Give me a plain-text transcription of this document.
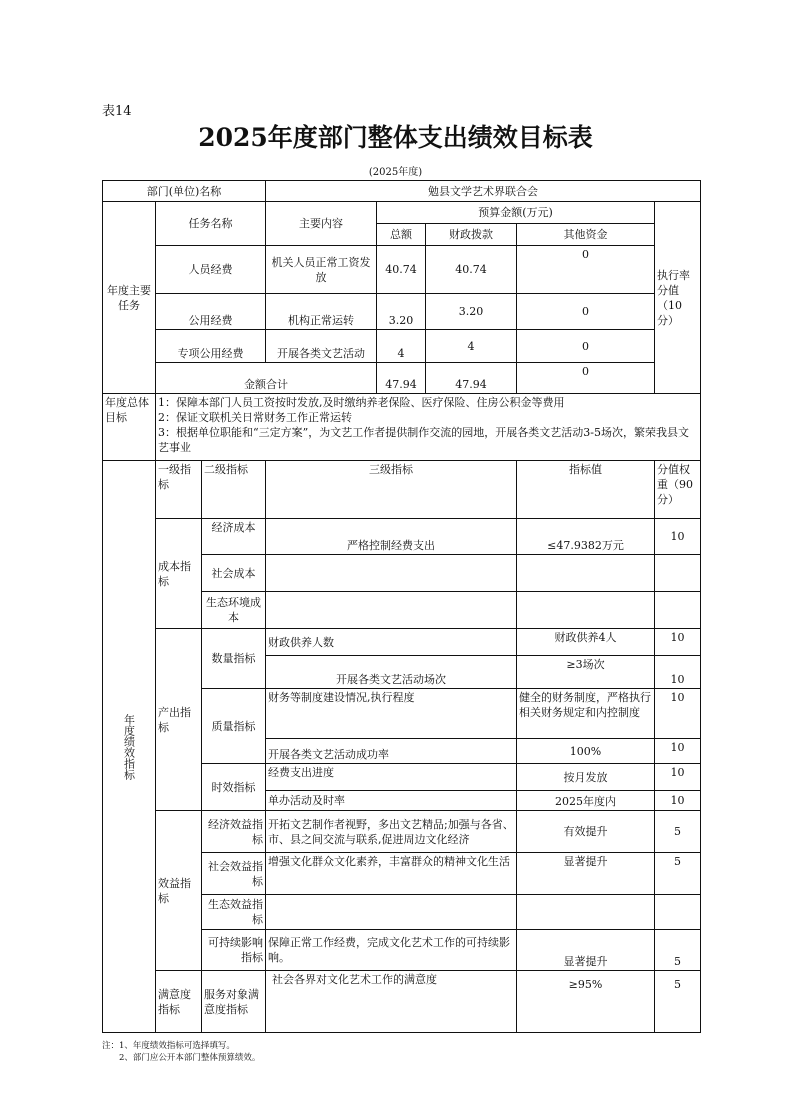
表14
2025年度部门整体支出绩效目标表
(2025年度)
部门(单位)名称		勉县文学艺术界联合会				
年度主要任务	任务名称	主要内容	预算金额(万元)			执行率分值（10分）
			总额	财政拨款	其他资金	
	人员经费	机关人员正常工资发放	40.74	40.74	0	
	公用经费	机构正常运转	3.20	3.20	0	
	专项公用经费	开展各类文艺活动	4	4	0	
	金额合计		47.94	47.94	0	
年度总体目标	
1：保障本部门人员工资按时发放,及时缴纳养老保险、医疗保险、住房公积金等费用
2：保证文联机关日常财务工作正常运转
3：根据单位职能和“三定方案”，为文艺工作者提供制作交流的园地，开展各类文艺活动3-5场次，繁荣我县文艺事业
年度绩效指标	一级指标	二级指标	三级指标	指标值	分值权重（90分）
	成本指标	经济成本	严格控制经费支出	≤47.9382万元	10
		社会成本			
		生态环境成本			
	产出指标	数量指标	财政供养人数	财政供养4人	10
			开展各类文艺活动场次	≥3场次	10
		质量指标	财务等制度建设情况,执行程度	健全的财务制度，严格执行相关财务规定和内控制度	10
			开展各类文艺活动成功率	100%	10
		时效指标	经费支出进度	按月发放	10
			单办活动及时率	2025年度内	10
	效益指标	经济效益指标	开拓文艺制作者视野，多出文艺精品;加强与各省、市、县之间交流与联系,促进周边文化经济	有效提升	5
		社会效益指标	增强文化群众文化素养，丰富群众的精神文化生活	显著提升	5
		生态效益指标			
		可持续影响指标	保障正常工作经费，完成文化艺术工作的可持续影响。	显著提升	5
	满意度指标	服务对象满意度指标	社会各界对文化艺术工作的满意度	≥95%	5
注：1、年度绩效指标可选择填写。
2、部门应公开本部门整体预算绩效。
